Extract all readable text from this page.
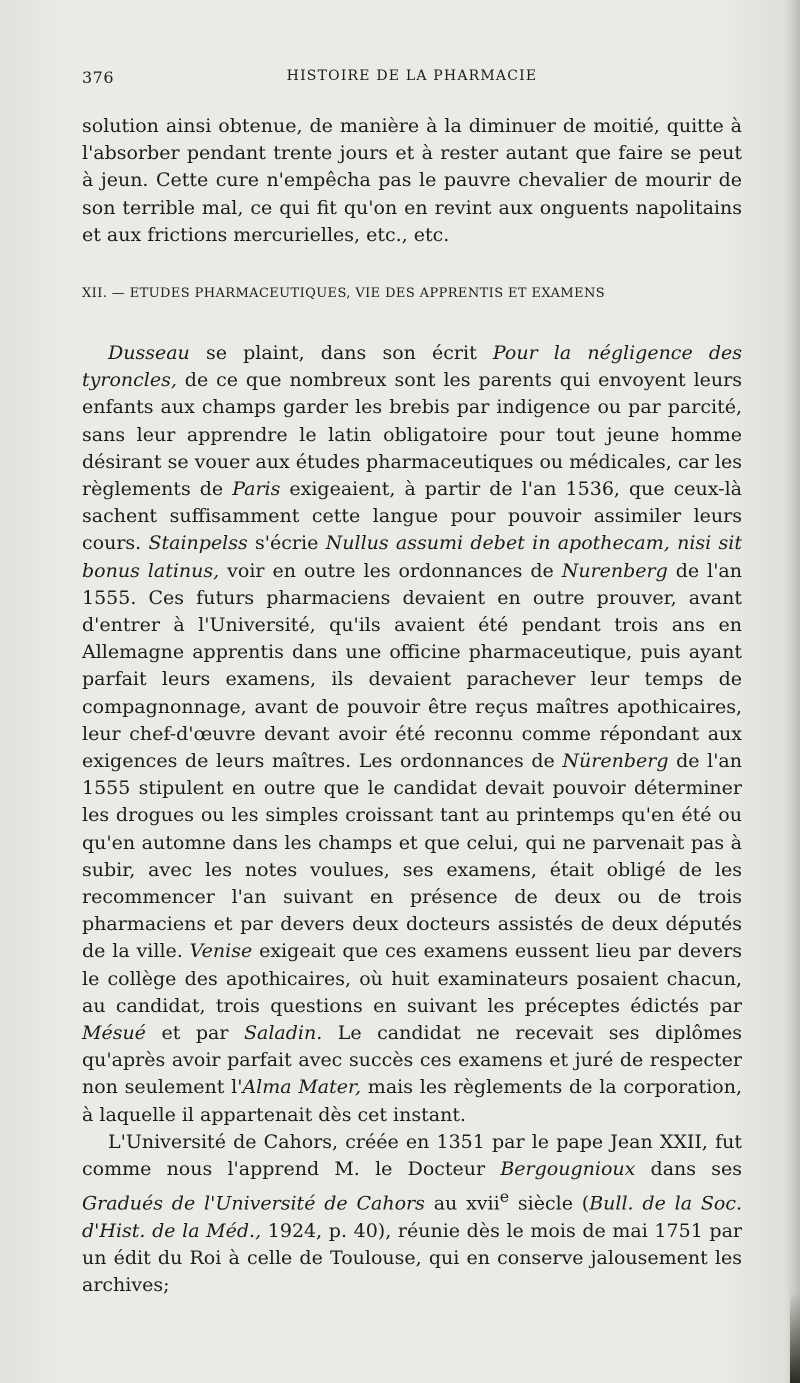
376	HISTOIRE DE LA PHARMACIE
solution ainsi obtenue, de manière à la diminuer de moitié, quitte à l'absorber pendant trente jours et à rester autant que faire se peut à jeun. Cette cure n'empêcha pas le pauvre chevalier de mourir de son terrible mal, ce qui fit qu'on en revint aux onguents napolitains et aux frictions mercurielles, etc., etc.
XII. — ETUDES PHARMACEUTIQUES, VIE DES APPRENTIS ET EXAMENS

Dusseau se plaint, dans son écrit Pour la négligence des tyroncles, de ce que nombreux sont les parents qui envoyent leurs enfants aux champs garder les brebis par indigence ou par parcité, sans leur apprendre le latin obligatoire pour tout jeune homme désirant se vouer aux études pharmaceutiques ou médicales, car les règlements de Paris exigeaient, à partir de l'an 1536, que ceux-là sachent suffisamment cette langue pour pouvoir assimiler leurs cours. Stainpelss s'écrie Nullus assumi debet in apothecam, nisi sit bonus latinus, voir en outre les ordonnances de Nurenberg de l'an 1555. Ces futurs pharmaciens devaient en outre prouver, avant d'entrer à l'Université, qu'ils avaient été pendant trois ans en Allemagne apprentis dans une officine pharmaceutique, puis ayant parfait leurs examens, ils devaient parachever leur temps de compagnonnage, avant de pouvoir être reçus maîtres apothicaires, leur chef-d'œuvre devant avoir été reconnu comme répondant aux exigences de leurs maîtres. Les ordonnances de Nürenberg de l'an 1555 stipulent en outre que le candidat devait pouvoir déterminer les drogues ou les simples croissant tant au printemps qu'en été ou qu'en automne dans les champs et que celui, qui ne parvenait pas à subir, avec les notes voulues, ses examens, était obligé de les recommencer l'an suivant en présence de deux ou de trois pharmaciens et par devers deux docteurs assistés de deux députés de la ville. Venise exigeait que ces examens eussent lieu par devers le collège des apothicaires, où huit examinateurs posaient chacun, au candidat, trois questions en suivant les préceptes édictés par Mésué et par Saladin. Le candidat ne recevait ses diplômes qu'après avoir parfait avec succès ces examens et juré de respecter non seulement l'Alma Mater, mais les règlements de la corporation, à laquelle il appartenait dès cet instant.

L'Université de Cahors, créée en 1351 par le pape Jean XXII, fut comme nous l'apprend M. le Docteur Bergougnioux dans ses Gradués de l'Université de Cahors au xvii$^e$ siècle (Bull. de la Soc. d'Hist. de la Méd., 1924, p. 40), réunie dès le mois de mai 1751 par un édit du Roi à celle de Toulouse, qui en conserve jalousement les archives;
